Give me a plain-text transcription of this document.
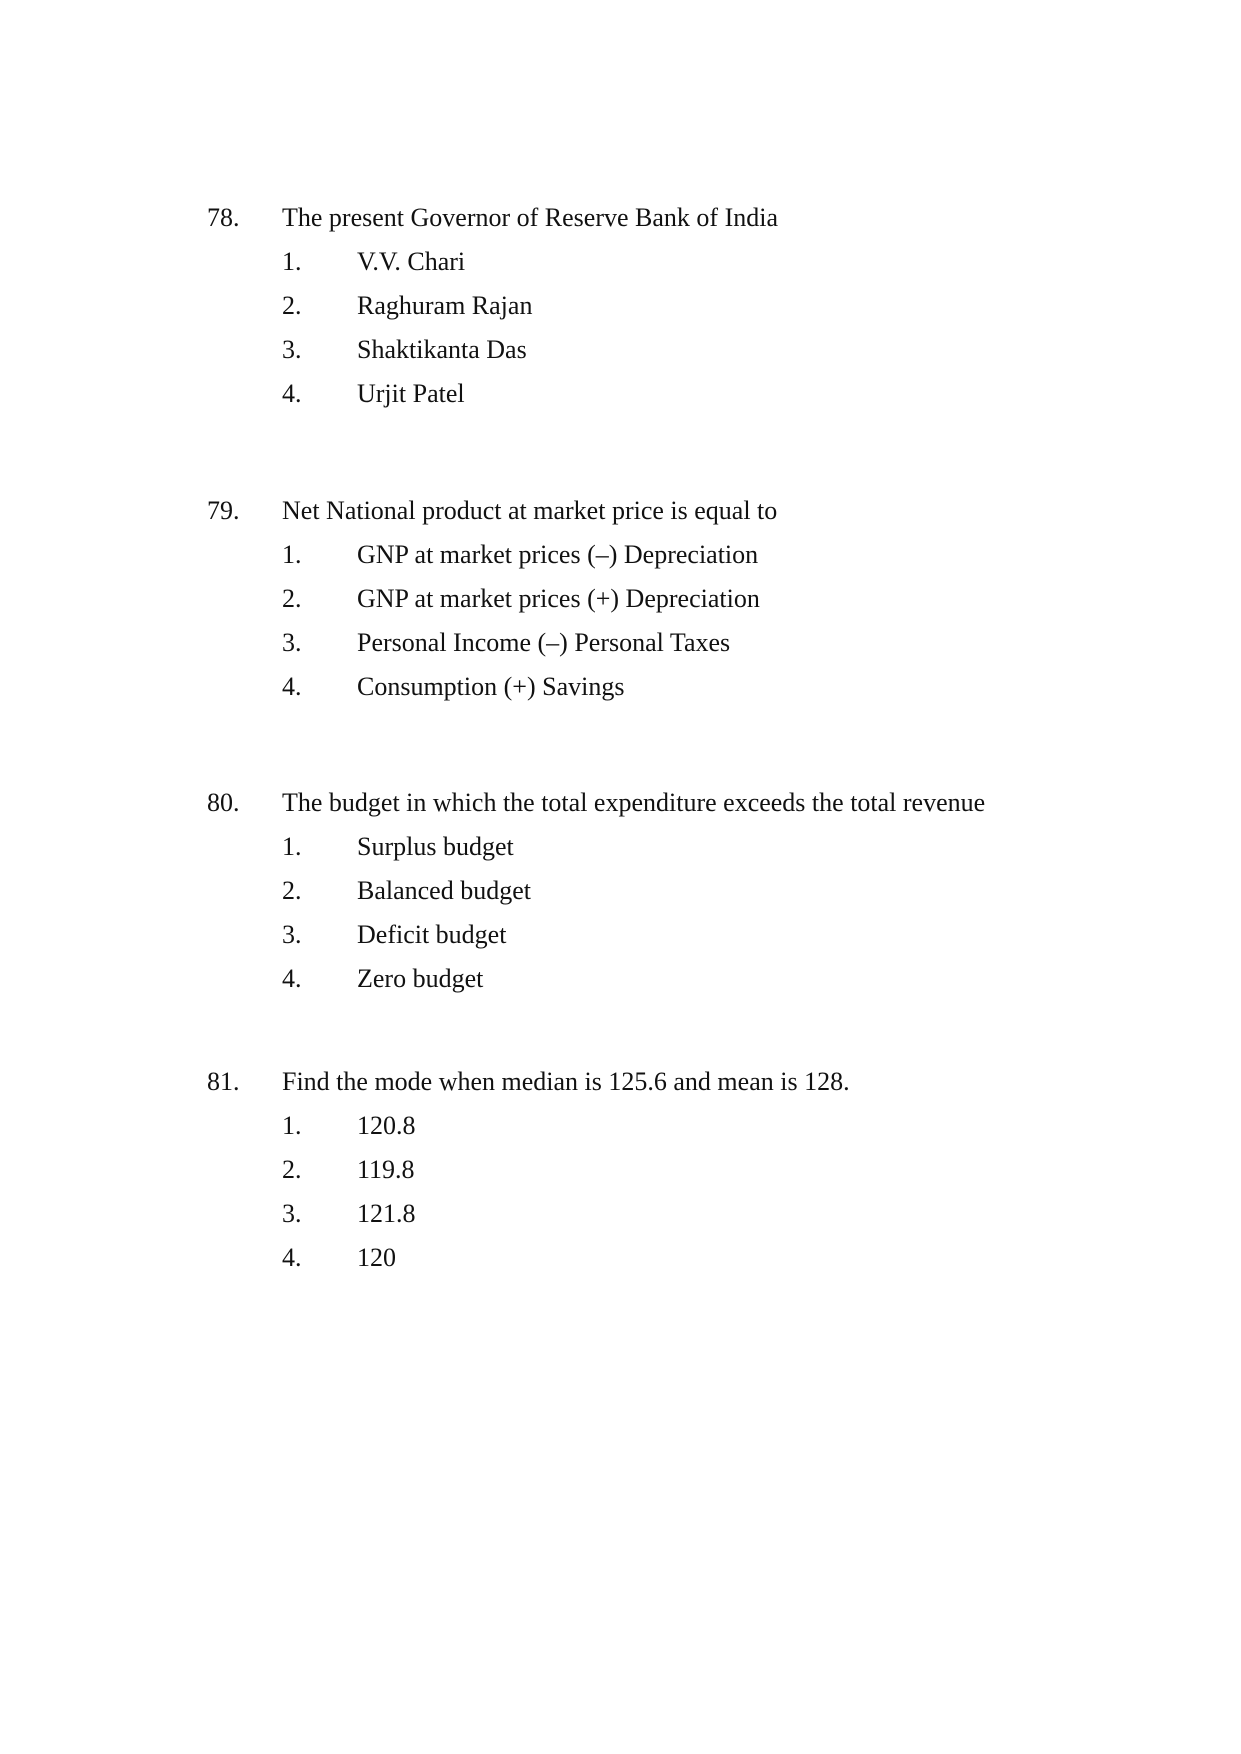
78. The present Governor of Reserve Bank of India
1. V.V. Chari
2. Raghuram Rajan
3. Shaktikanta Das
4. Urjit Patel
79. Net National product at market price is equal to
1. GNP at market prices (–) Depreciation
2. GNP at market prices (+) Depreciation
3. Personal Income (–) Personal Taxes
4. Consumption (+) Savings
80. The budget in which the total expenditure exceeds the total revenue
1. Surplus budget
2. Balanced budget
3. Deficit budget
4. Zero budget
81. Find the mode when median is 125.6 and mean is 128.
1. 120.8
2. 119.8
3. 121.8
4. 120
